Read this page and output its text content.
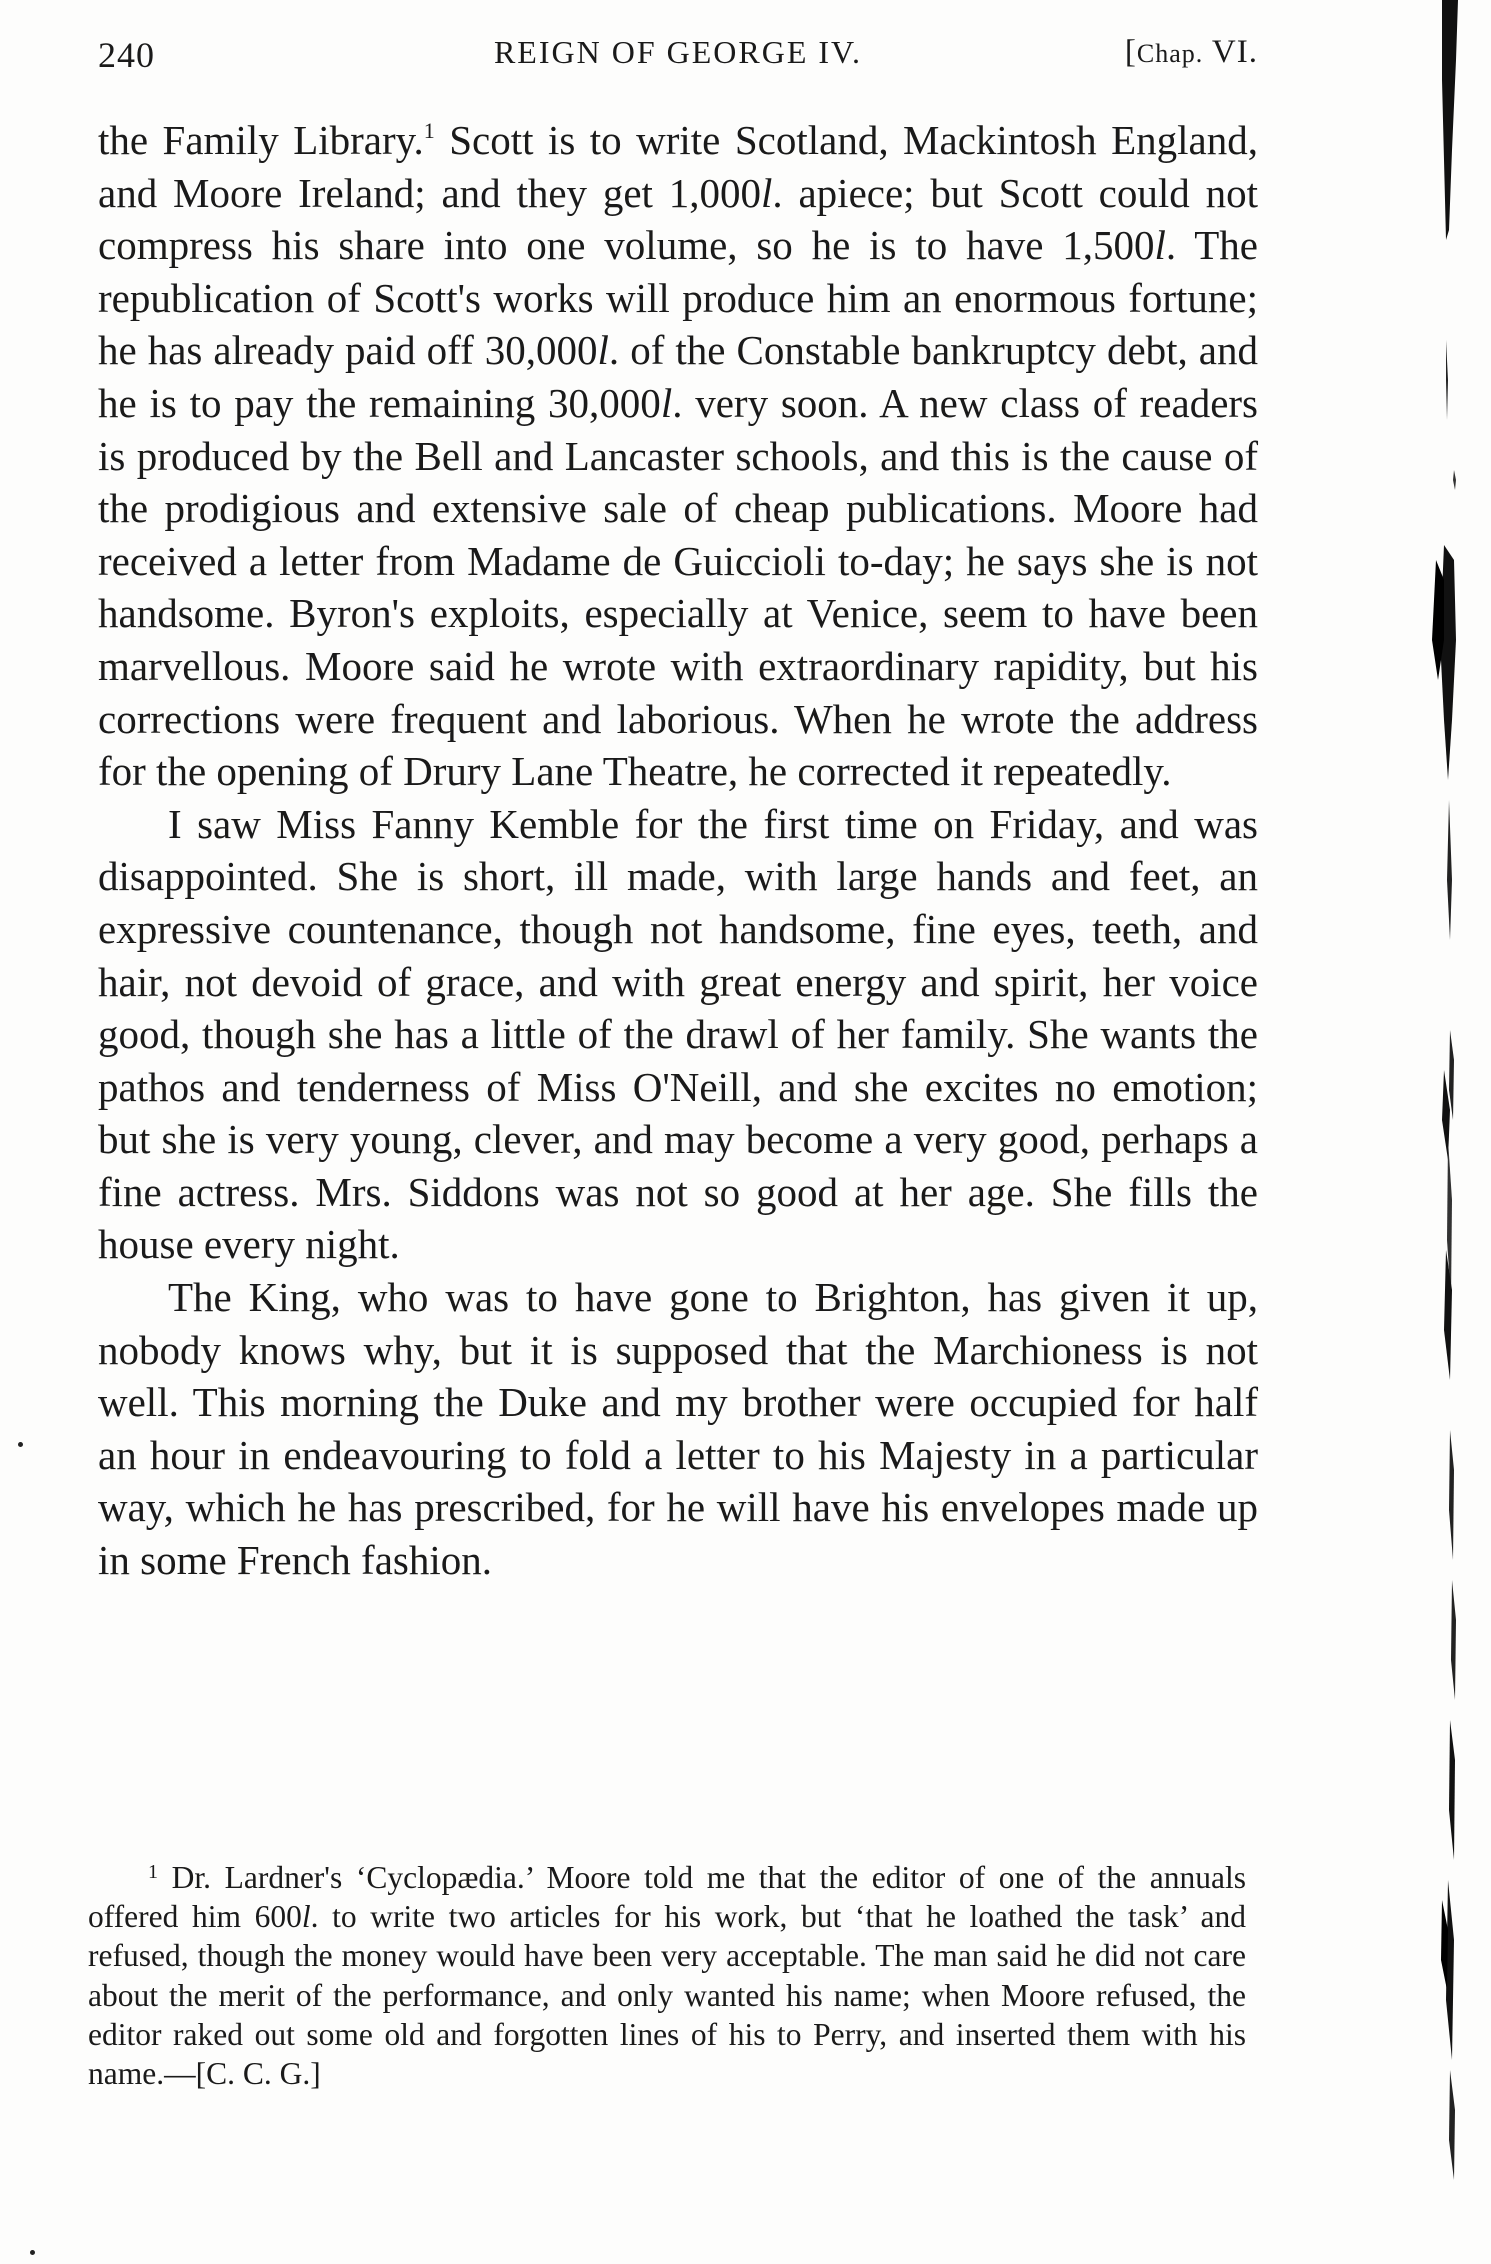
240	REIGN OF GEORGE IV.	[Chap. VI.

the Family Library.$^1$ Scott is to write Scotland, Mackintosh England, and Moore Ireland; and they get 1,000l. apiece; but Scott could not compress his share into one volume, so he is to have 1,500l. The republication of Scott's works will produce him an enormous fortune; he has already paid off 30,000l. of the Constable bankruptcy debt, and he is to pay the remaining 30,000l. very soon. A new class of readers is produced by the Bell and Lancaster schools, and this is the cause of the prodigious and extensive sale of cheap publications. Moore had received a letter from Madame de Guiccioli to-day; he says she is not handsome. Byron's exploits, especially at Venice, seem to have been marvellous. Moore said he wrote with extraordinary rapidity, but his corrections were frequent and laborious. When he wrote the address for the opening of Drury Lane Theatre, he corrected it repeatedly.

I saw Miss Fanny Kemble for the first time on Friday, and was disappointed. She is short, ill made, with large hands and feet, an expressive countenance, though not handsome, fine eyes, teeth, and hair, not devoid of grace, and with great energy and spirit, her voice good, though she has a little of the drawl of her family. She wants the pathos and tenderness of Miss O'Neill, and she excites no emotion; but she is very young, clever, and may become a very good, perhaps a fine actress. Mrs. Siddons was not so good at her age. She fills the house every night.

The King, who was to have gone to Brighton, has given it up, nobody knows why, but it is supposed that the Marchioness is not well. This morning the Duke and my brother were occupied for half an hour in endeavouring to fold a letter to his Majesty in a particular way, which he has prescribed, for he will have his envelopes made up in some French fashion.

$^1$ Dr. Lardner's ‘Cyclopædia.’ Moore told me that the editor of one of the annuals offered him 600l. to write two articles for his work, but ‘that he loathed the task’ and refused, though the money would have been very acceptable. The man said he did not care about the merit of the performance, and only wanted his name; when Moore refused, the editor raked out some old and forgotten lines of his to Perry, and inserted them with his name.—[C. C. G.]
